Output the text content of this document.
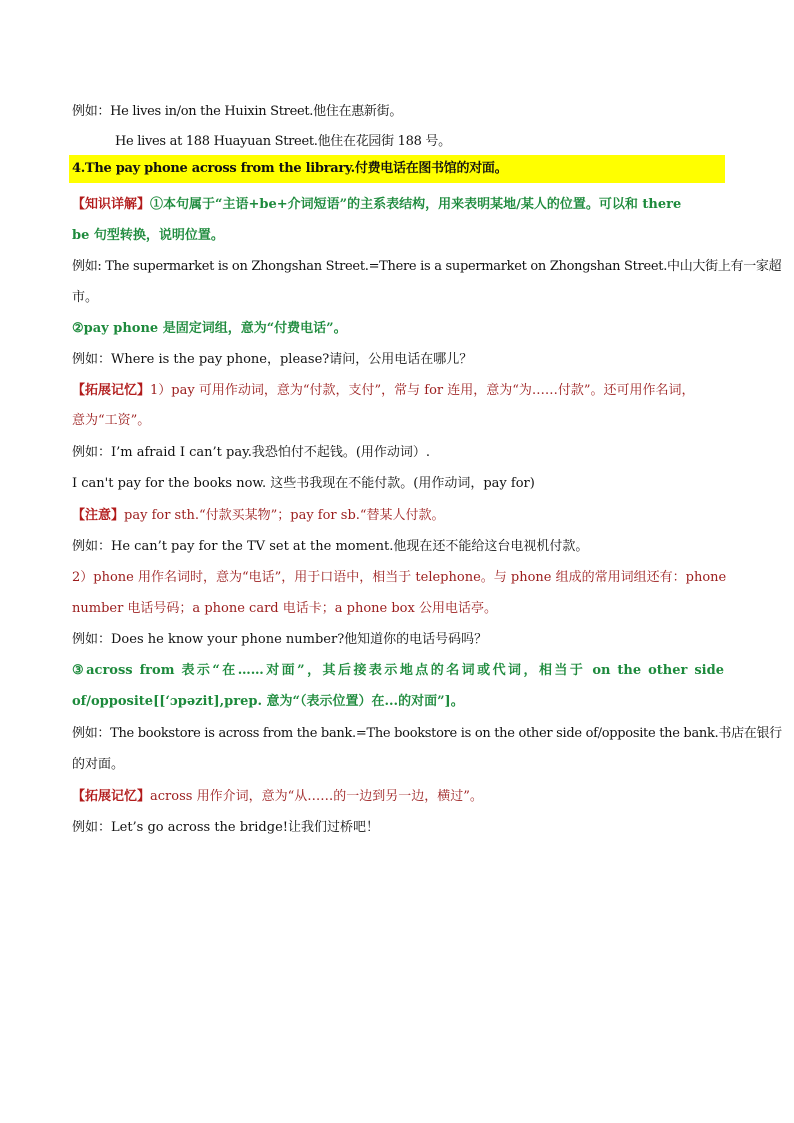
例如：He lives in/on the Huixin Street.他住在惠新街。
He lives at 188 Huayuan Street.他住在花园街 188 号。
4.The pay phone across from the library.付费电话在图书馆的对面。
【知识详解】①本句属于“主语+be+介词短语”的主系表结构，用来表明某地/某人的位置。可以和 there
be 句型转换，说明位置。
例如: The supermarket is on Zhongshan Street.=There is a supermarket on Zhongshan Street.中山大街上有一家超
市。
②pay phone 是固定词组，意为“付费电话”。
例如：Where is the pay phone，please?请问，公用电话在哪儿？
【拓展记忆】1）pay 可用作动词，意为“付款，支付”，常与 for 连用，意为“为……付款”。还可用作名词，
意为“工资”。
例如：I’m afraid I can’t pay.我恐怕付不起钱。(用作动词）.
I can't pay for the books now. 这些书我现在不能付款。(用作动词，pay for)
【注意】pay for sth.“付款买某物”；pay for sb.“替某人付款。
例如：He can’t pay for the TV set at the moment.他现在还不能给这台电视机付款。
2）phone 用作名词时，意为“电话”，用于口语中，相当于 telephone。与 phone 组成的常用词组还有：phone
number 电话号码；a phone card 电话卡；a phone box 公用电话亭。
例如：Does he know your phone number?他知道你的电话号码吗？
③across from 表示“在……对面”，其后接表示地点的名词或代词，相当于 on the other side
of/opposite[[‘ɔpəzit],prep. 意为“（表示位置）在...的对面”]。
例如：The bookstore is across from the bank.=The bookstore is on the other side of/opposite the bank.书店在银行
的对面。
【拓展记忆】across 用作介词，意为“从……的一边到另一边，横过”。
例如：Let’s go across the bridge!让我们过桥吧！
